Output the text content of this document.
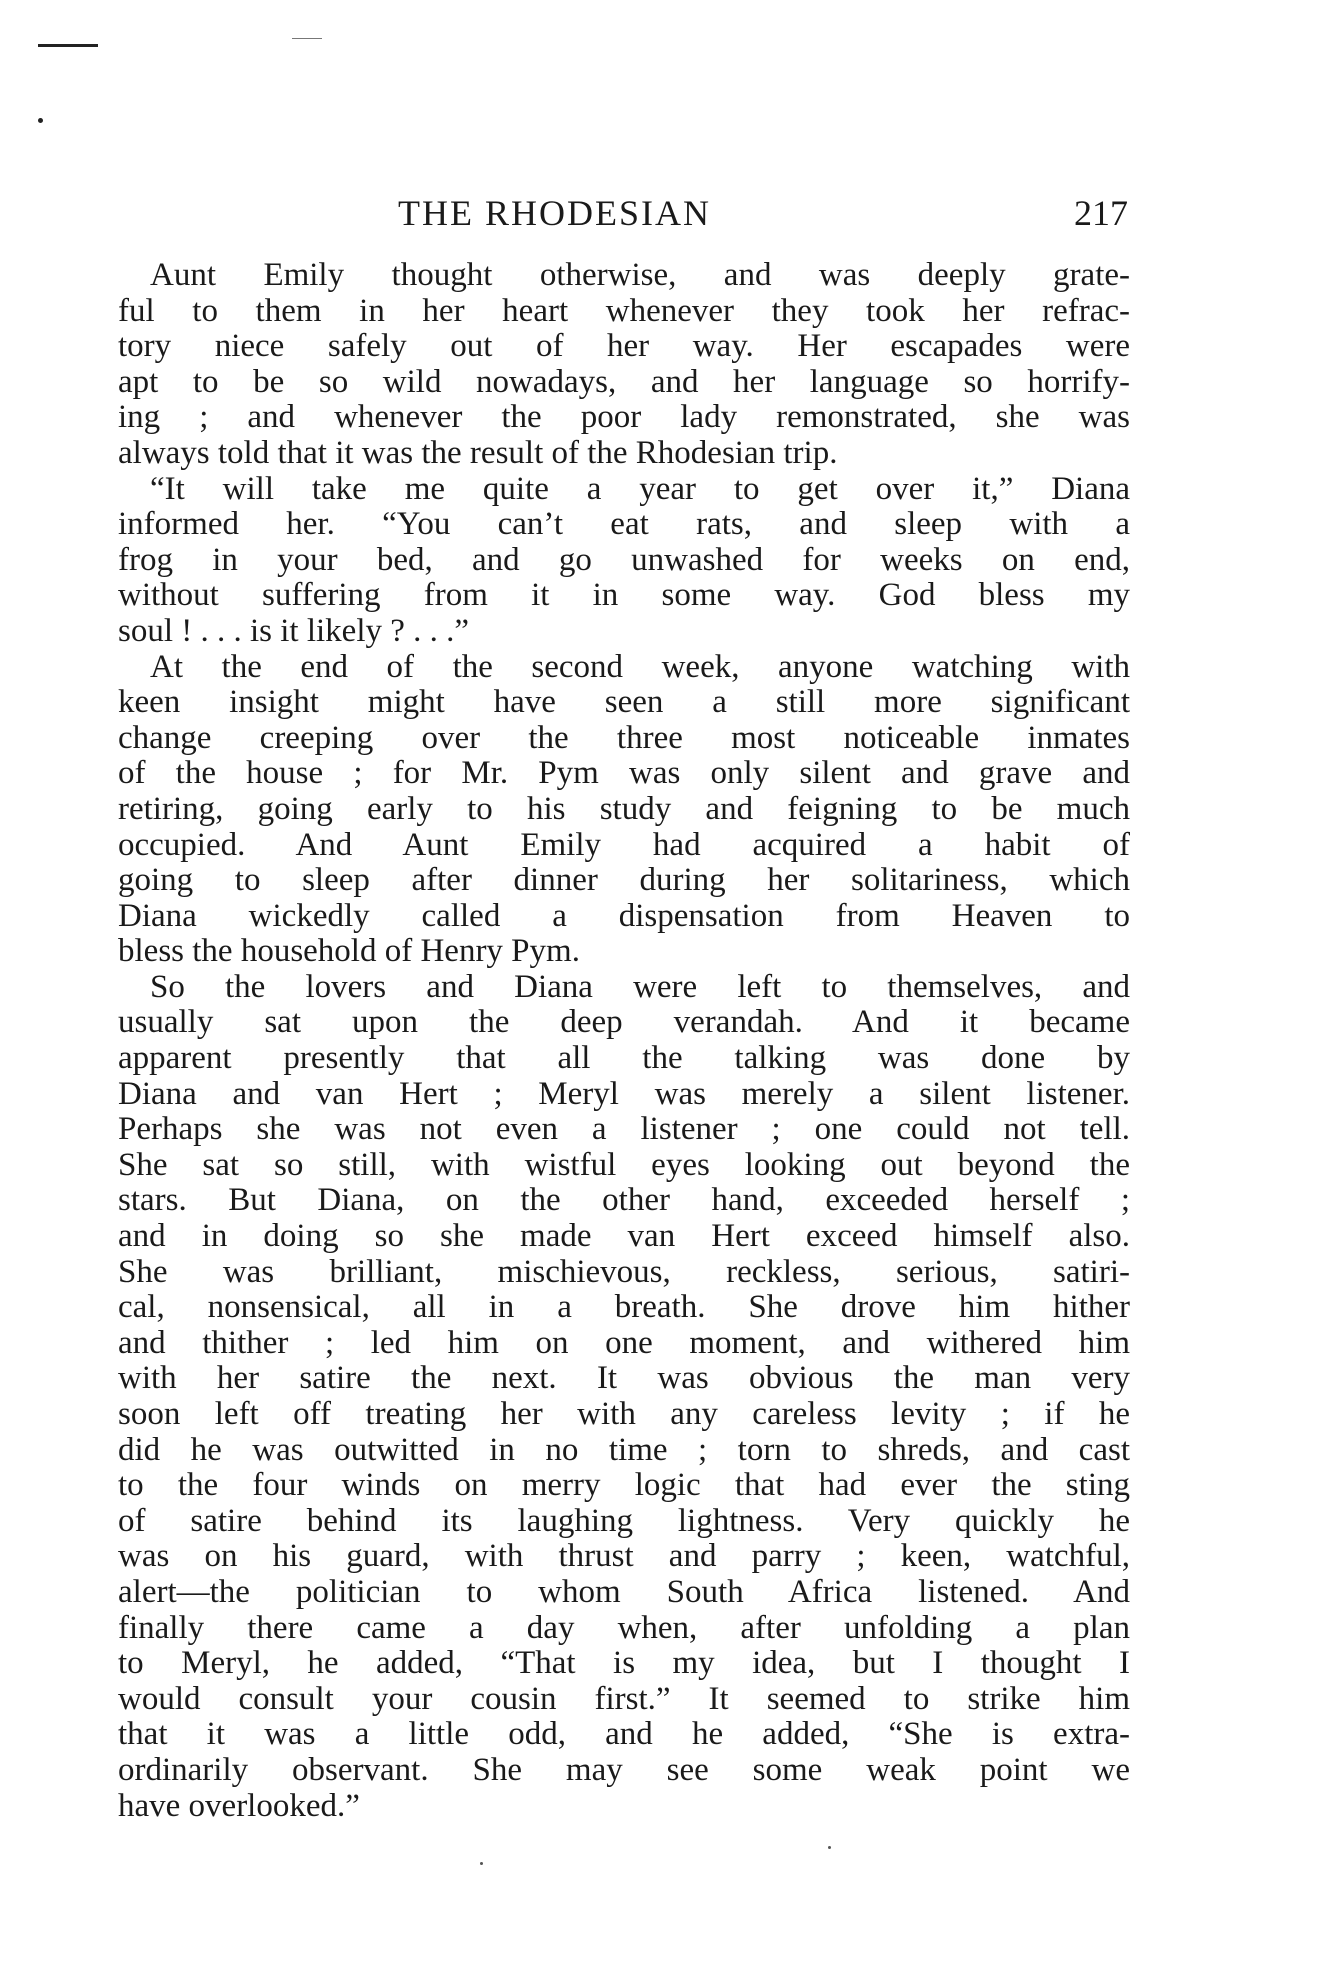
THE RHODESIAN	217
Aunt Emily thought otherwise, and was deeply grate-
ful to them in her heart whenever they took her refrac-
tory niece safely out of her way. Her escapades were
apt to be so wild nowadays, and her language so horrify-
ing ; and whenever the poor lady remonstrated, she was
always told that it was the result of the Rhodesian trip.
“It will take me quite a year to get over it,” Diana
informed her. “You can’t eat rats, and sleep with a
frog in your bed, and go unwashed for weeks on end,
without suffering from it in some way. God bless my
soul ! . . . is it likely ? . . .”
At the end of the second week, anyone watching with
keen insight might have seen a still more significant
change creeping over the three most noticeable inmates
of the house ; for Mr. Pym was only silent and grave and
retiring, going early to his study and feigning to be much
occupied. And Aunt Emily had acquired a habit of
going to sleep after dinner during her solitariness, which
Diana wickedly called a dispensation from Heaven to
bless the household of Henry Pym.
So the lovers and Diana were left to themselves, and
usually sat upon the deep verandah. And it became
apparent presently that all the talking was done by
Diana and van Hert ; Meryl was merely a silent listener.
Perhaps she was not even a listener ; one could not tell.
She sat so still, with wistful eyes looking out beyond the
stars. But Diana, on the other hand, exceeded herself ;
and in doing so she made van Hert exceed himself also.
She was brilliant, mischievous, reckless, serious, satiri-
cal, nonsensical, all in a breath. She drove him hither
and thither ; led him on one moment, and withered him
with her satire the next. It was obvious the man very
soon left off treating her with any careless levity ; if he
did he was outwitted in no time ; torn to shreds, and cast
to the four winds on merry logic that had ever the sting
of satire behind its laughing lightness. Very quickly he
was on his guard, with thrust and parry ; keen, watchful,
alert—the politician to whom South Africa listened. And
finally there came a day when, after unfolding a plan
to Meryl, he added, “That is my idea, but I thought I
would consult your cousin first.” It seemed to strike him
that it was a little odd, and he added, “She is extra-
ordinarily observant. She may see some weak point we
have overlooked.”
